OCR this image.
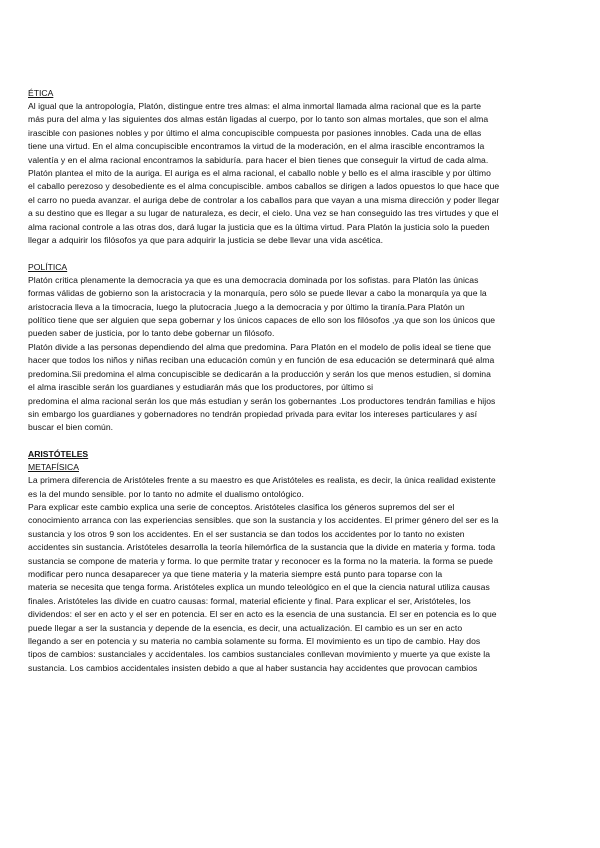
ÉTICA

Al igual que la antropología, Platón, distingue entre tres almas: el alma inmortal llamada alma racional que es la parte

más pura del alma y las siguientes dos almas están ligadas al cuerpo, por lo tanto son almas mortales, que son el alma

irascible con pasiones nobles y por último el alma concupiscible compuesta por pasiones innobles. Cada una de ellas

tiene una virtud. En el alma concupiscible encontramos la virtud de la moderación, en el alma irascible encontramos la

valentía y en el alma racional encontramos la sabiduría. para hacer el bien tienes que conseguir la virtud de cada alma.

Platón plantea el mito de la auriga. El auriga es el alma racional, el caballo noble y bello es el alma irascible y por último

el caballo perezoso y desobediente es el alma concupiscible. ambos caballos se dirigen a lados opuestos lo que hace que

el carro no pueda avanzar. el auriga debe de controlar a los caballos para que vayan a una misma dirección y poder llegar

a su destino que es llegar a su lugar de naturaleza, es decir, el cielo. Una vez se han conseguido las tres virtudes y que el

alma racional controle a las otras dos, dará lugar la justicia que es la última virtud. Para Platón la justicia solo la pueden

llegar a adquirir los filósofos ya que para adquirir la justicia se debe llevar una vida ascética.

POLÍTICA

Platón critica plenamente la democracia ya que es una democracia dominada por los sofistas. para Platón las únicas

formas válidas de gobierno son la aristocracia y la monarquía, pero sólo se puede llevar a cabo la monarquía ya que la

aristocracia lleva a la timocracia, luego la plutocracia ,luego a la democracia y por último la tiranía.Para Platón un

político tiene que ser alguien que sepa gobernar y los únicos capaces de ello son los filósofos ,ya que son los únicos que

pueden saber de justicia, por lo tanto debe gobernar un filósofo.

Platón divide a las personas dependiendo del alma que predomina. Para Platón en el modelo de polis ideal se tiene que

hacer que todos los niños y niñas reciban una educación común y en función de esa educación se determinará qué alma

predomina.Sii predomina el alma concupiscible se dedicarán a la producción y serán los que menos estudien, si domina

el alma irascible serán los guardianes y estudiarán más que los productores, por último si

predomina el alma racional serán los que más estudian y serán los gobernantes .Los productores tendrán familias e hijos

sin embargo los guardianes y gobernadores no tendrán propiedad privada para evitar los intereses particulares y así

buscar el bien común.

ARISTÓTELES

METAFÍSICA

La primera diferencia de Aristóteles frente a su maestro es que Aristóteles es realista, es decir, la única realidad existente

es la del mundo sensible. por lo tanto no admite el dualismo ontológico.

Para explicar este cambio explica una serie de conceptos. Aristóteles clasifica los géneros supremos del ser el

conocimiento arranca con las experiencias sensibles. que son la sustancia y los accidentes. El primer género del ser es la

sustancia y los otros 9 son los accidentes. En el ser sustancia se dan todos los accidentes por lo tanto no existen

accidentes sin sustancia. Aristóteles desarrolla la teoría hilemórfica de la sustancia que la divide en materia y forma. toda

sustancia se compone de materia y forma. lo que permite tratar y reconocer es la forma no la materia. la forma se puede

modificar pero nunca desaparecer ya que tiene materia y la materia siempre está punto para toparse con la

materia se necesita que tenga forma. Aristóteles explica un mundo teleológico en el que la ciencia natural utiliza causas

finales. Aristóteles las divide en cuatro causas: formal, material eficiente y final. Para explicar el ser, Aristóteles, los

dividendos: el ser en acto y el ser en potencia. El ser en acto es la esencia de una sustancia. El ser en potencia es lo que

puede llegar a ser la sustancia y depende de la esencia, es decir, una actualización. El cambio es un ser en acto

llegando a ser en potencia y su materia no cambia solamente su forma. El movimiento es un tipo de cambio. Hay dos

tipos de cambios: sustanciales y accidentales. los cambios sustanciales conllevan movimiento y muerte ya que existe la

sustancia. Los cambios accidentales insisten debido a que al haber sustancia hay accidentes que provocan cambios
